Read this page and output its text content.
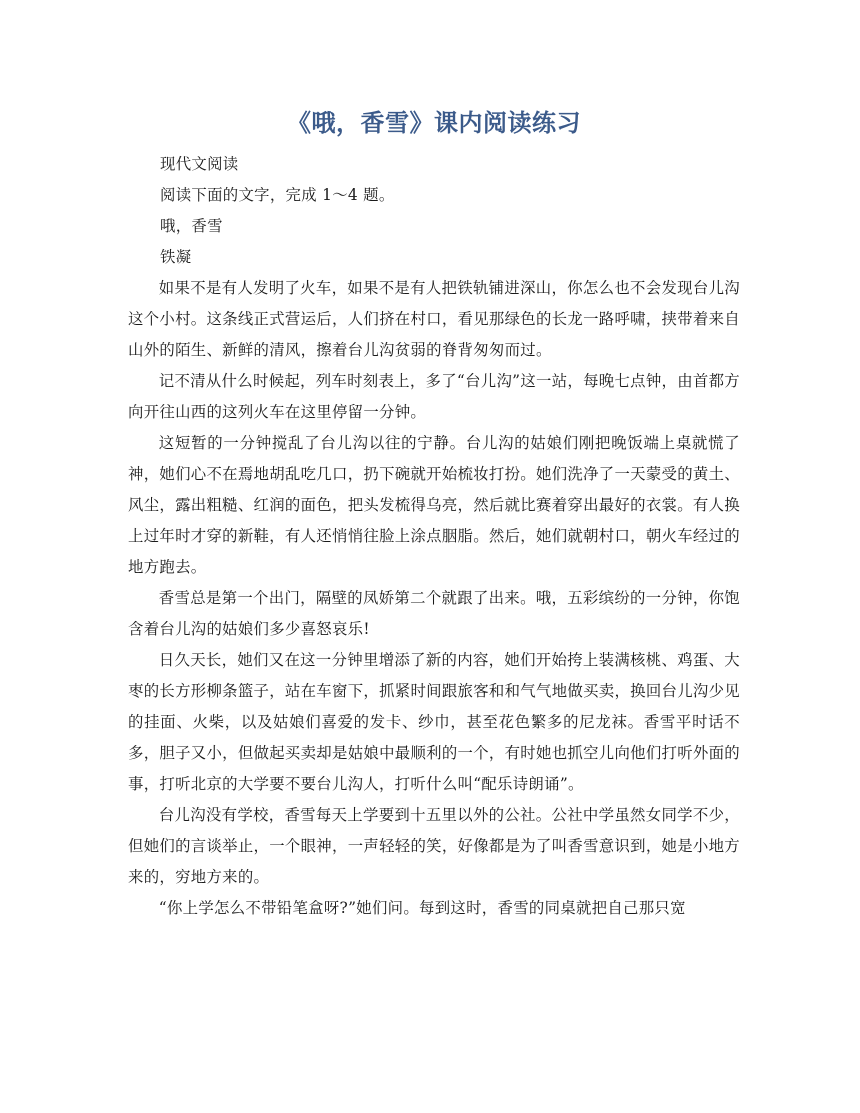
《哦，香雪》课内阅读练习

现代文阅读

阅读下面的文字，完成 1～4 题。

哦，香雪

铁凝

如果不是有人发明了火车，如果不是有人把铁轨铺进深山，你怎么也不会发现台儿沟这个小村。这条线正式营运后，人们挤在村口，看见那绿色的长龙一路呼啸，挟带着来自山外的陌生、新鲜的清风，擦着台儿沟贫弱的脊背匆匆而过。

记不清从什么时候起，列车时刻表上，多了“台儿沟”这一站，每晚七点钟，由首都方向开往山西的这列火车在这里停留一分钟。

这短暂的一分钟搅乱了台儿沟以往的宁静。台儿沟的姑娘们刚把晚饭端上桌就慌了神，她们心不在焉地胡乱吃几口，扔下碗就开始梳妆打扮。她们洗净了一天蒙受的黄土、风尘，露出粗糙、红润的面色，把头发梳得乌亮，然后就比赛着穿出最好的衣裳。有人换上过年时才穿的新鞋，有人还悄悄往脸上涂点胭脂。然后，她们就朝村口，朝火车经过的地方跑去。

香雪总是第一个出门，隔壁的凤娇第二个就跟了出来。哦，五彩缤纷的一分钟，你饱含着台儿沟的姑娘们多少喜怒哀乐!

日久天长，她们又在这一分钟里增添了新的内容，她们开始挎上装满核桃、鸡蛋、大枣的长方形柳条篮子，站在车窗下，抓紧时间跟旅客和和气气地做买卖，换回台儿沟少见的挂面、火柴，以及姑娘们喜爱的发卡、纱巾，甚至花色繁多的尼龙袜。香雪平时话不多，胆子又小，但做起买卖却是姑娘中最顺利的一个，有时她也抓空儿向他们打听外面的事，打听北京的大学要不要台儿沟人，打听什么叫“配乐诗朗诵”。

台儿沟没有学校，香雪每天上学要到十五里以外的公社。公社中学虽然女同学不少，但她们的言谈举止，一个眼神，一声轻轻的笑，好像都是为了叫香雪意识到，她是小地方来的，穷地方来的。

“你上学怎么不带铅笔盒呀?”她们问。每到这时，香雪的同桌就把自己那只宽
